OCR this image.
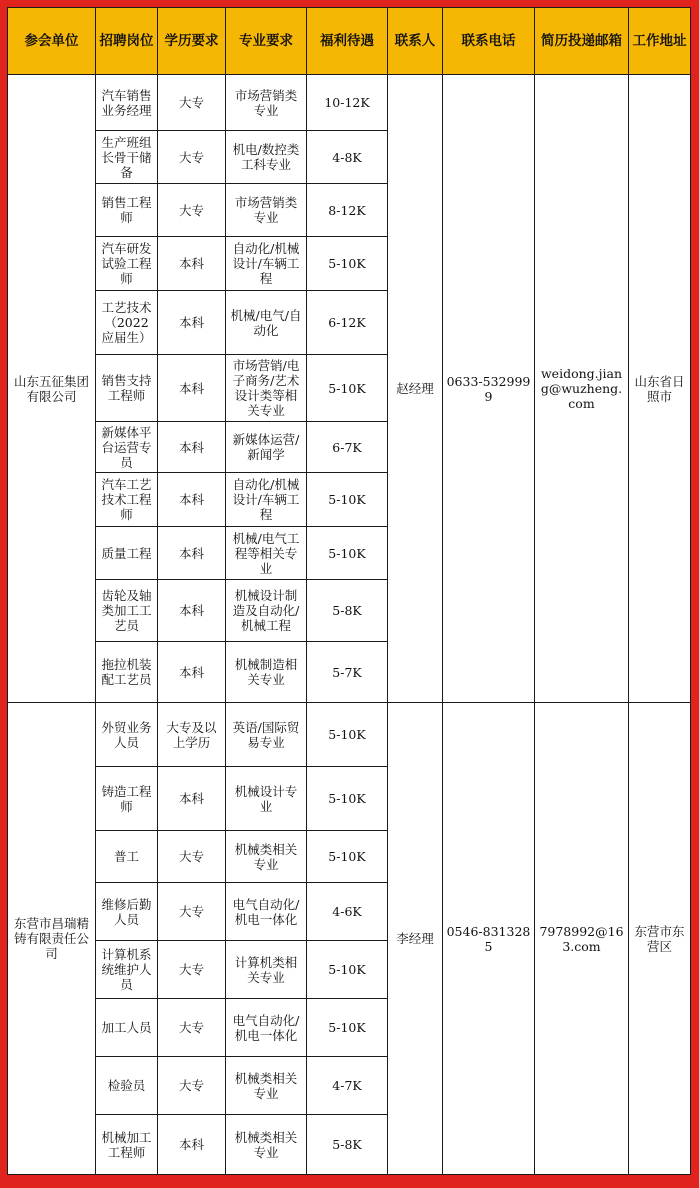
参会单位	招聘岗位	学历要求	专业要求	福利待遇	联系人	联系电话	简历投递邮箱	工作地址
山东五征集团有限公司	汽车销售业务经理	大专	市场营销类专业	10-12K	赵经理	0633-5329999	weidong.jiang@wuzheng.com	山东省日照市
	生产班组长骨干储备	大专	机电/数控类工科专业	4-8K				
	销售工程师	大专	市场营销类专业	8-12K				
	汽车研发试验工程师	本科	自动化/机械设计/车辆工程	5-10K				
	工艺技术（2022应届生）	本科	机械/电气/自动化	6-12K				
	销售支持工程师	本科	市场营销/电子商务/艺术设计类等相关专业	5-10K				
	新媒体平台运营专员	本科	新媒体运营/新闻学	6-7K				
	汽车工艺技术工程师	本科	自动化/机械设计/车辆工程	5-10K				
	质量工程	本科	机械/电气工程等相关专业	5-10K				
	齿轮及轴类加工工艺员	本科	机械设计制造及自动化/机械工程	5-8K				
	拖拉机装配工艺员	本科	机械制造相关专业	5-7K				
东营市昌瑞精铸有限责任公司	外贸业务人员	大专及以上学历	英语/国际贸易专业	5-10K	李经理	0546-8313285	7978992@163.com	东营市东营区
	铸造工程师	本科	机械设计专业	5-10K				
	普工	大专	机械类相关专业	5-10K				
	维修后勤人员	大专	电气自动化/机电一体化	4-6K				
	计算机系统维护人员	大专	计算机类相关专业	5-10K				
	加工人员	大专	电气自动化/机电一体化	5-10K				
	检验员	大专	机械类相关专业	4-7K				
	机械加工工程师	本科	机械类相关专业	5-8K				
